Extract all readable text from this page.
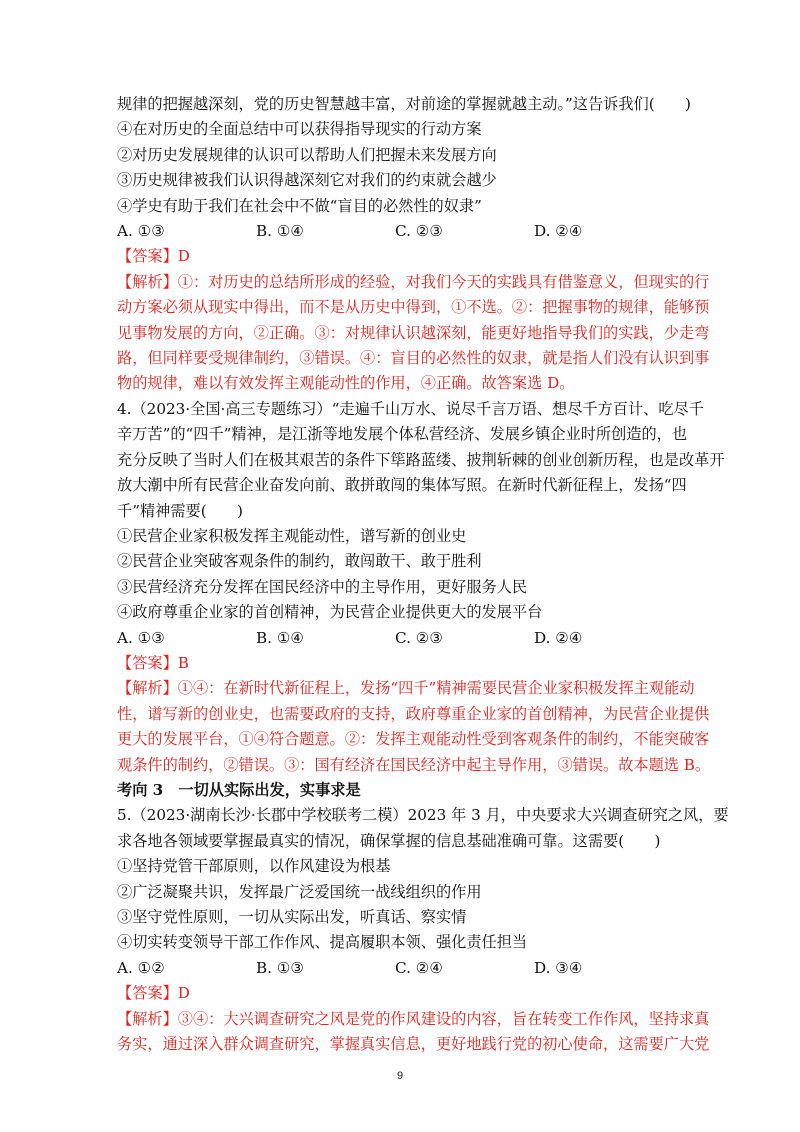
规律的把握越深刻，党的历史智慧越丰富，对前途的掌握就越主动。”这告诉我们(　　)
④在对历史的全面总结中可以获得指导现实的行动方案
②对历史发展规律的认识可以帮助人们把握未来发展方向
③历史规律被我们认识得越深刻它对我们的约束就会越少
④学史有助于我们在社会中不做“盲目的必然性的奴隶”
A. ①③	B. ①④	C. ②③	D. ②④
【答案】D
【解析】①：对历史的总结所形成的经验，对我们今天的实践具有借鉴意义，但现实的行
动方案必须从现实中得出，而不是从历史中得到，①不选。②：把握事物的规律，能够预
见事物发展的方向，②正确。③：对规律认识越深刻，能更好地指导我们的实践，少走弯
路，但同样要受规律制约，③错误。④：盲目的必然性的奴隶，就是指人们没有认识到事
物的规律，难以有效发挥主观能动性的作用，④正确。故答案选 D。
4.（2023·全国·高三专题练习）“走遍千山万水、说尽千言万语、想尽千方百计、吃尽千
辛万苦”的“四千”精神，是江浙等地发展个体私营经济、发展乡镇企业时所创造的，也
充分反映了当时人们在极其艰苦的条件下筚路蓝缕、披荆斩棘的创业创新历程，也是改革开
放大潮中所有民营企业奋发向前、敢拼敢闯的集体写照。在新时代新征程上，发扬“四
千”精神需要(　　)
①民营企业家积极发挥主观能动性，谱写新的创业史
②民营企业突破客观条件的制约，敢闯敢干、敢于胜利
③民营经济充分发挥在国民经济中的主导作用，更好服务人民
④政府尊重企业家的首创精神，为民营企业提供更大的发展平台
A. ①③	B. ①④	C. ②③	D. ②④
【答案】B
【解析】①④：在新时代新征程上，发扬“四千”精神需要民营企业家积极发挥主观能动
性，谱写新的创业史，也需要政府的支持，政府尊重企业家的首创精神，为民营企业提供
更大的发展平台，①④符合题意。②：发挥主观能动性受到客观条件的制约，不能突破客
观条件的制约，②错误。③：国有经济在国民经济中起主导作用，③错误。故本题选 B。
考向 3　一切从实际出发，实事求是
5.（2023·湖南长沙·长郡中学校联考二模）2023 年 3 月，中央要求大兴调查研究之风，要
求各地各领域要掌握最真实的情况，确保掌握的信息基础准确可靠。这需要(　　)
①坚持党管干部原则，以作风建设为根基
②广泛凝聚共识，发挥最广泛爱国统一战线组织的作用
③坚守党性原则，一切从实际出发，听真话、察实情
④切实转变领导干部工作作风、提高履职本领、强化责任担当
A. ①②	B. ①③	C. ②④	D. ③④
【答案】D
【解析】③④：大兴调查研究之风是党的作风建设的内容，旨在转变工作作风，坚持求真
务实，通过深入群众调查研究，掌握真实信息，更好地践行党的初心使命，这需要广大党
9
